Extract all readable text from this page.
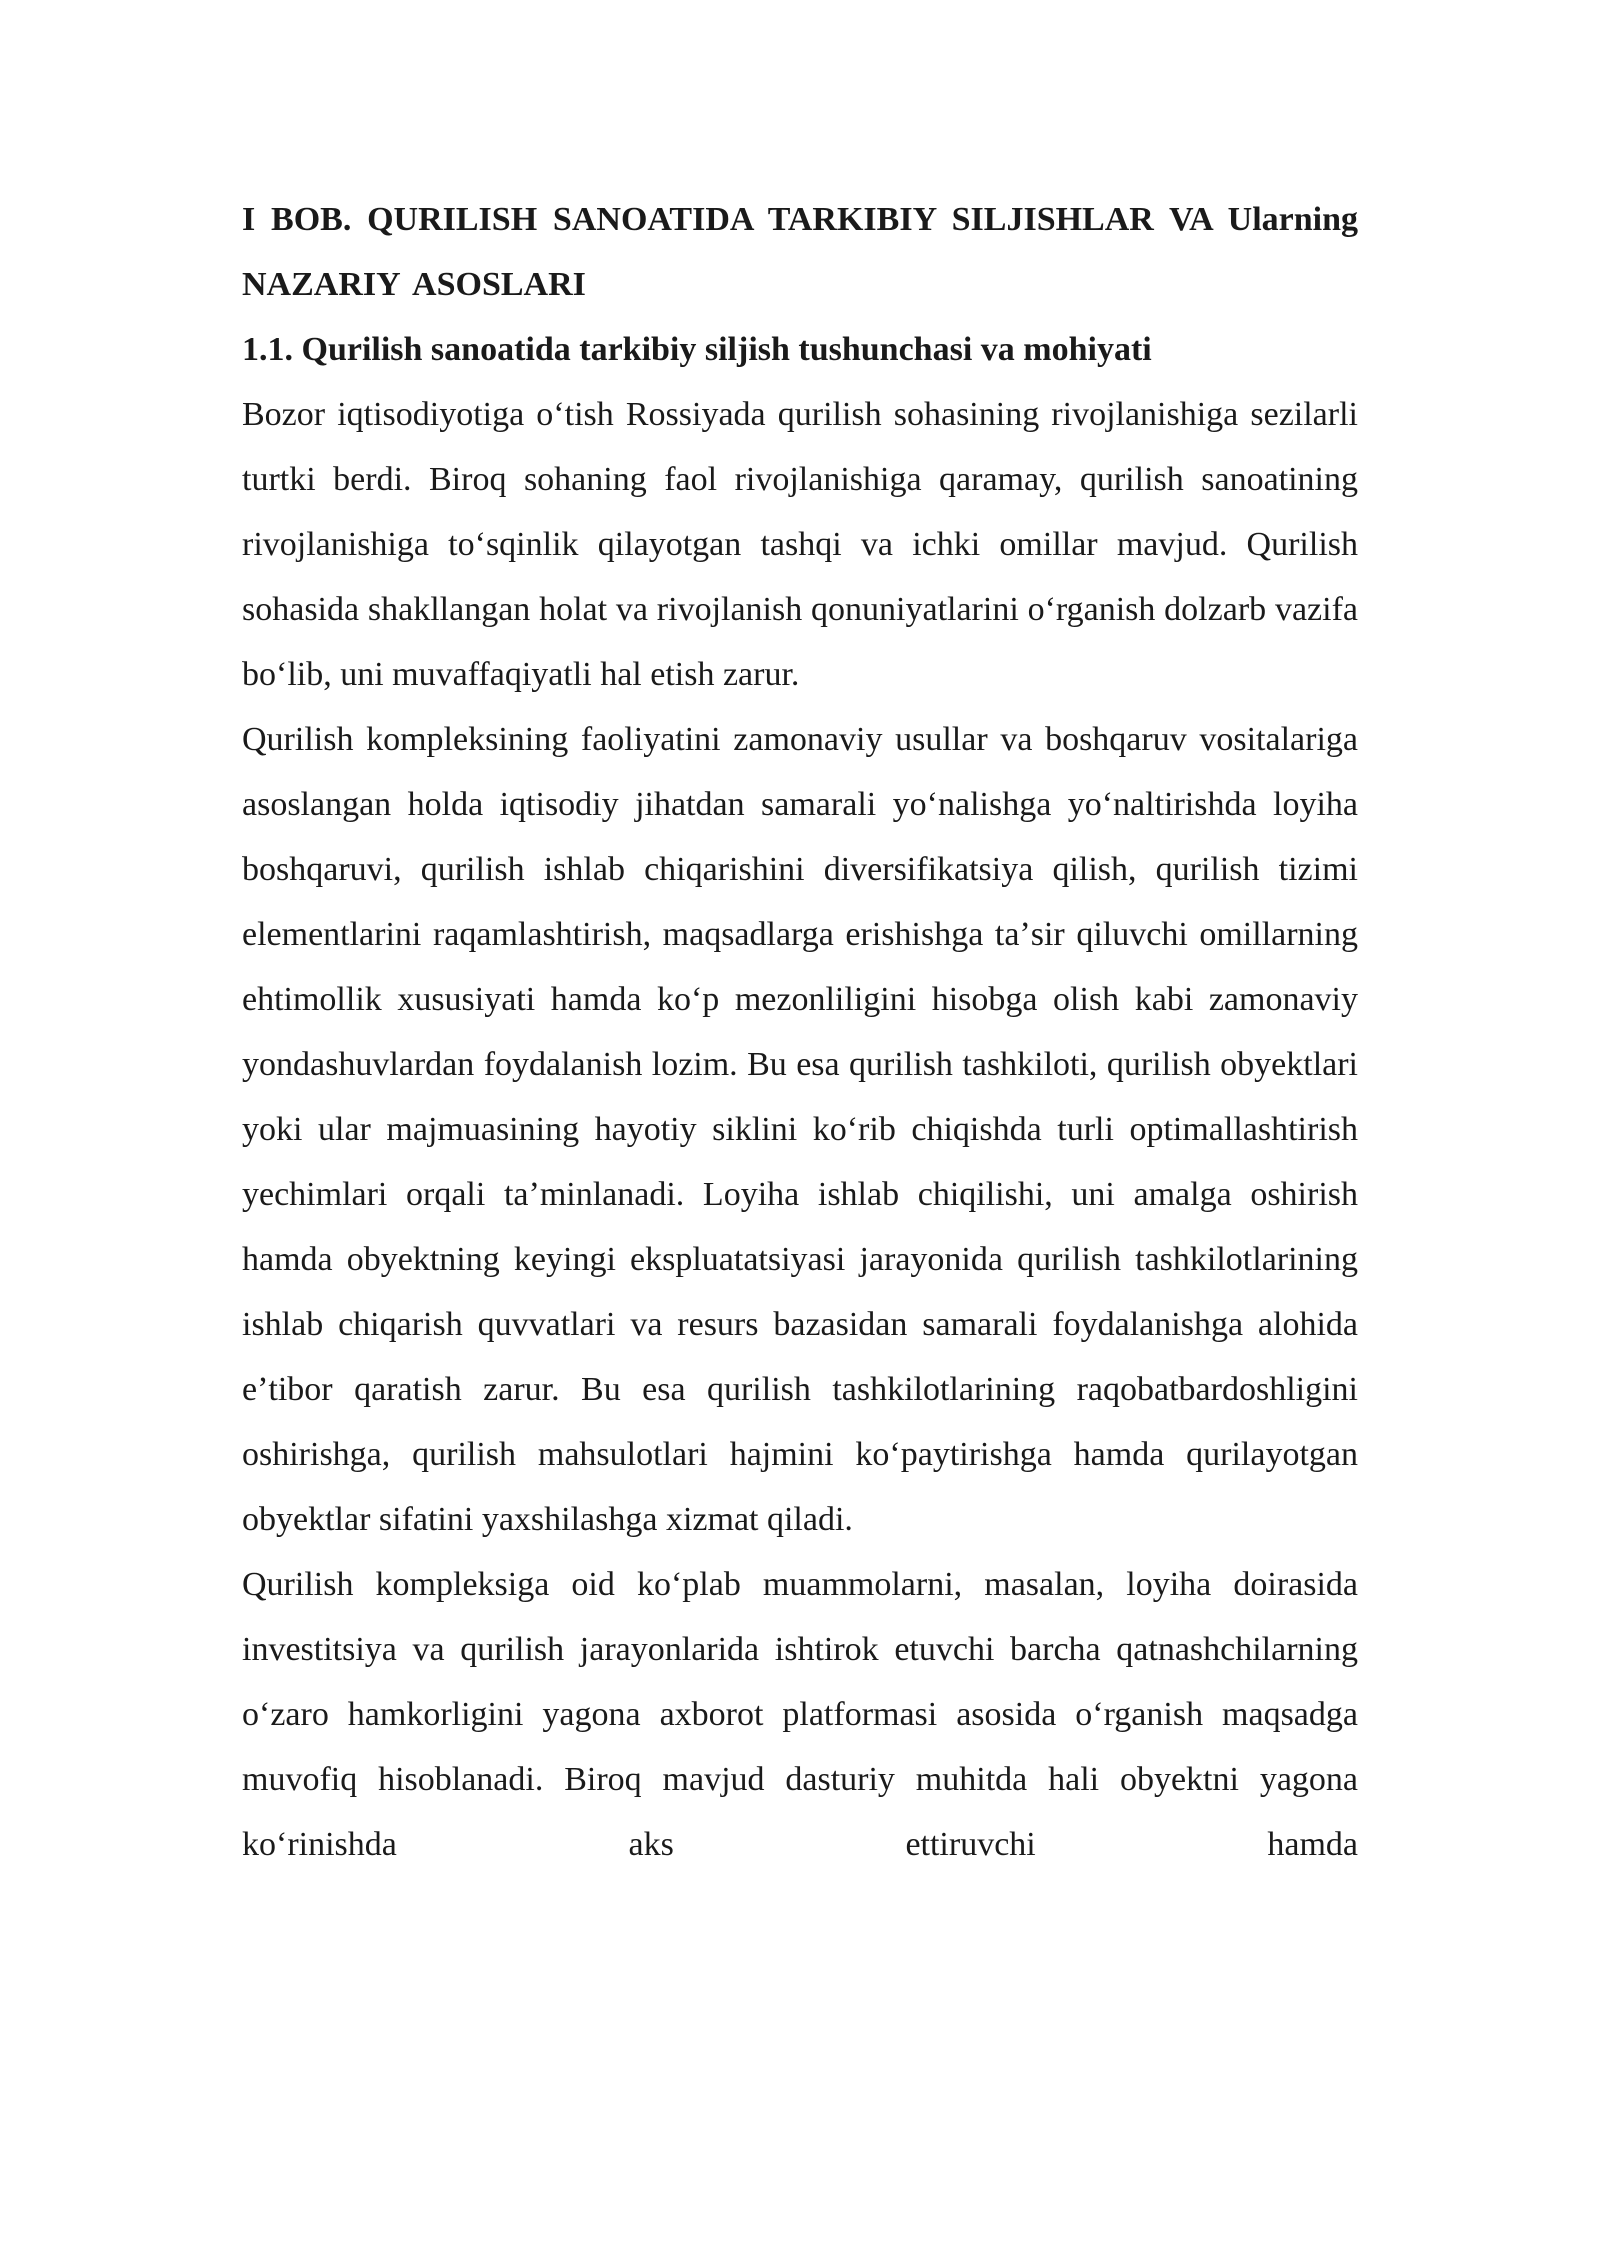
I BOB. QURILISH SANOATIDA TARKIBIY SILJISHLAR VA Ularning NAZARIY ASOSLARI
1.1. Qurilish sanoatida tarkibiy siljish tushunchasi va mohiyati

Bozor iqtisodiyotiga oʻtish Rossiyada qurilish sohasining rivojlanishiga sezilarli turtki berdi. Biroq sohaning faol rivojlanishiga qaramay, qurilish sanoatining rivojlanishiga toʻsqinlik qilayotgan tashqi va ichki omillar mavjud. Qurilish sohasida shakllangan holat va rivojlanish qonuniyatlarini oʻrganish dolzarb vazifa boʻlib, uni muvaffaqiyatli hal etish zarur.

Qurilish kompleksining faoliyatini zamonaviy usullar va boshqaruv vositalariga asoslangan holda iqtisodiy jihatdan samarali yoʻnalishga yoʻnaltirishda loyiha boshqaruvi, qurilish ishlab chiqarishini diversifikatsiya qilish, qurilish tizimi elementlarini raqamlashtirish, maqsadlarga erishishga taʼsir qiluvchi omillarning ehtimollik xususiyati hamda koʻp mezonliligini hisobga olish kabi zamonaviy yondashuvlardan foydalanish lozim. Bu esa qurilish tashkiloti, qurilish obyektlari yoki ular majmuasining hayotiy siklini koʻrib chiqishda turli optimallashtirish yechimlari orqali taʼminlanadi. Loyiha ishlab chiqilishi, uni amalga oshirish hamda obyektning keyingi ekspluatatsiyasi jarayonida qurilish tashkilotlarining ishlab chiqarish quvvatlari va resurs bazasidan samarali foydalanishga alohida eʼtibor qaratish zarur. Bu esa qurilish tashkilotlarining raqobatbardoshligini oshirishga, qurilish mahsulotlari hajmini koʻpaytirishga hamda qurilayotgan obyektlar sifatini yaxshilashga xizmat qiladi.

Qurilish kompleksiga oid koʻplab muammolarni, masalan, loyiha doirasida investitsiya va qurilish jarayonlarida ishtirok etuvchi barcha qatnashchilarning oʻzaro hamkorligini yagona axborot platformasi asosida oʻrganish maqsadga muvofiq hisoblanadi. Biroq mavjud dasturiy muhitda hali obyektni yagona koʻrinishda aks ettiruvchi hamda
